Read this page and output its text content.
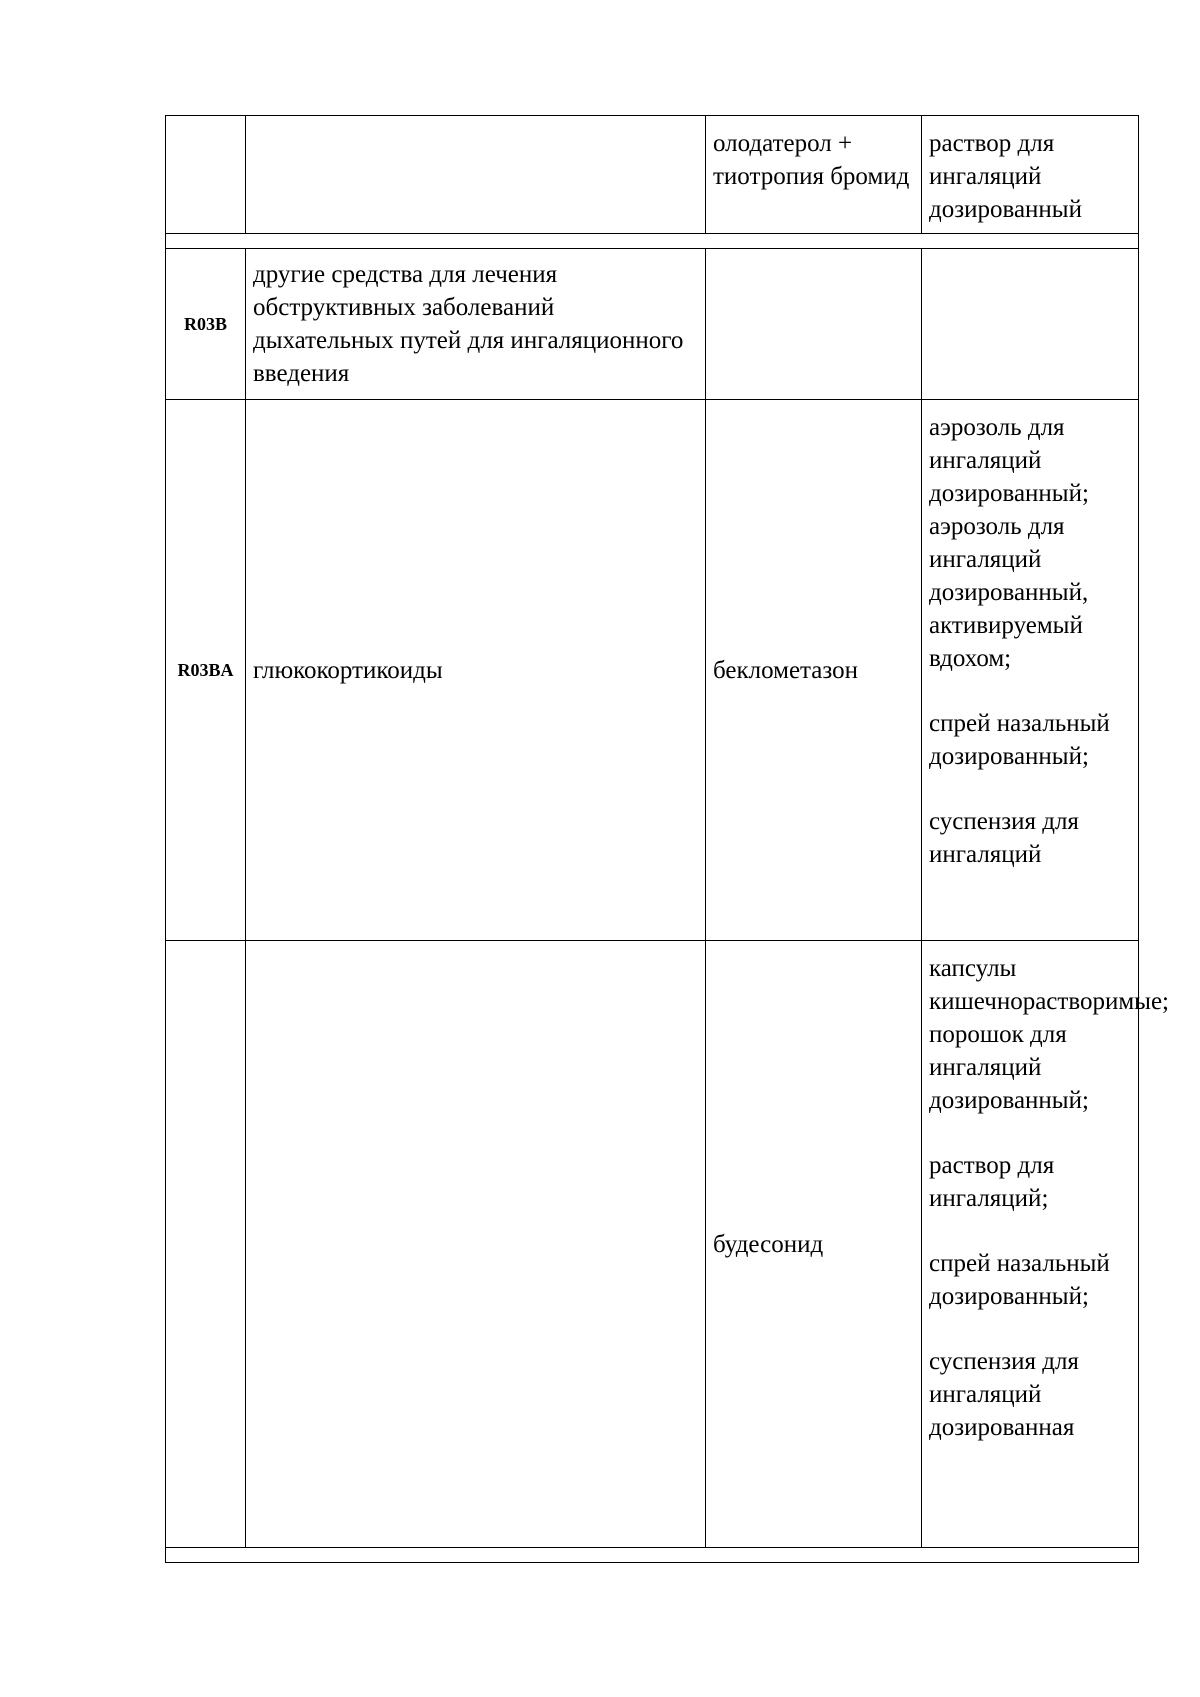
		олодатерол + тиотропия бромид	раствор для ингаляций дозированный

R03B	другие средства для лечения обструктивных заболеваний дыхательных путей для ингаляционного введения		
R03BA	глюкокортикоиды	беклометазон	аэрозоль для ингаляций дозированный;
аэрозоль для ингаляций дозированный, активируемый вдохом;
спрей назальный дозированный;
суспензия для ингаляций

		будесонид	капсулы кишечнорастворимые;
порошок для ингаляций дозированный;
раствор для ингаляций;
спрей назальный дозированный;
суспензия для ингаляций дозированная
